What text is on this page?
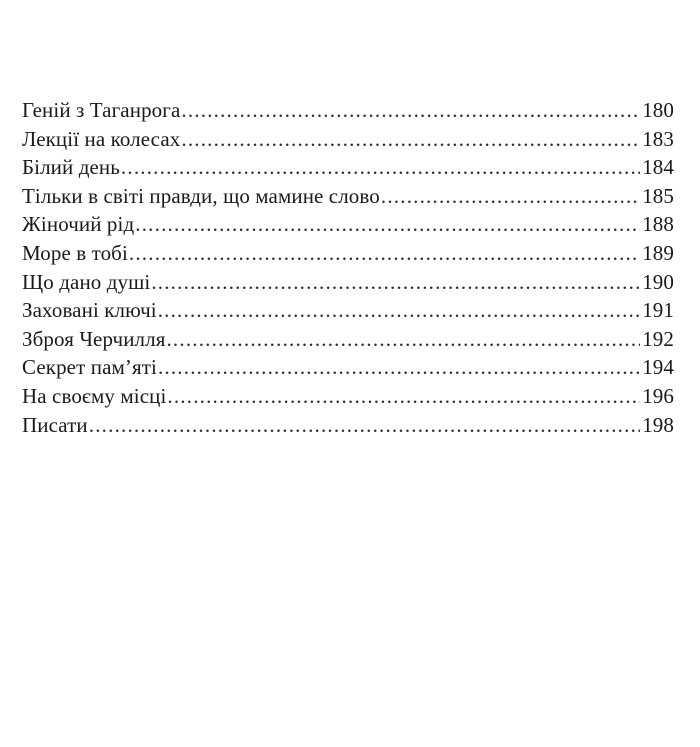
Геній з Таганрога .....	180
Лекції на колесах .....	183
Білий день .....	184
Тільки в світі правди, що мамине слово .....	185
Жіночий рід .....	188
Море в тобі .....	189
Що дано душі .....	190
Заховані ключі .....	191
Зброя Черчилля .....	192
Секрет пам’яті .....	194
На своєму місці .....	196
Писати .....	198
